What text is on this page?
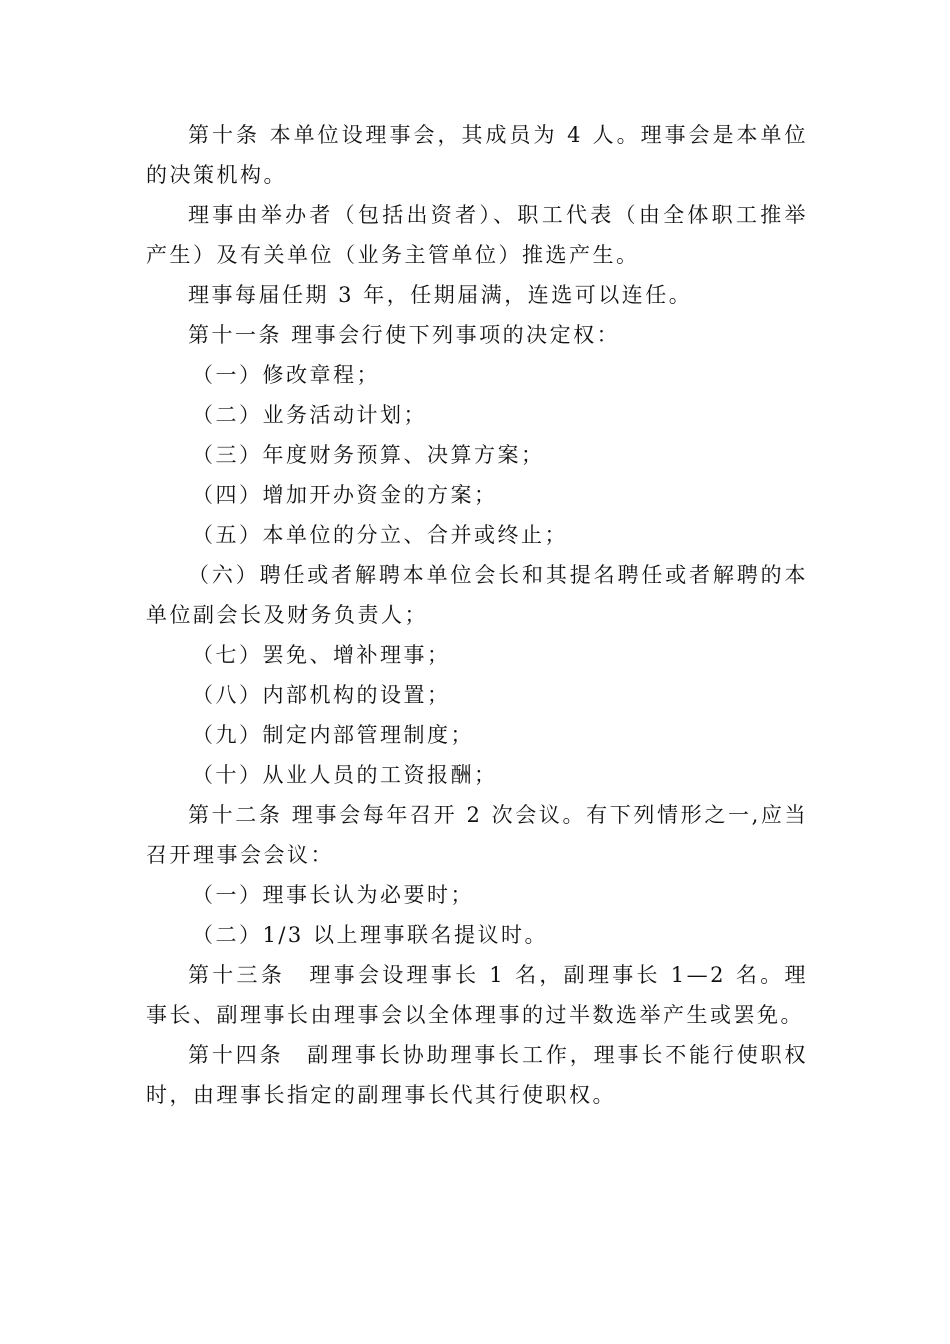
第十条 本单位设理事会，其成员为 4 人。理事会是本单位的决策机构。

理事由举办者（包括出资者）、职工代表（由全体职工推举产生）及有关单位（业务主管单位）推选产生。

理事每届任期 3 年，任期届满，连选可以连任。

第十一条 理事会行使下列事项的决定权：

（一）修改章程；

（二）业务活动计划；

（三）年度财务预算、决算方案；

（四）增加开办资金的方案；

（五）本单位的分立、合并或终止；

（六）聘任或者解聘本单位会长和其提名聘任或者解聘的本单位副会长及财务负责人；

（七）罢免、增补理事；

（八）内部机构的设置；

（九）制定内部管理制度；

（十）从业人员的工资报酬；

第十二条 理事会每年召开 2 次会议。有下列情形之一,应当召开理事会会议：

（一）理事长认为必要时；

（二）1/3 以上理事联名提议时。

第十三条　理事会设理事长 1 名，副理事长 1—2 名。理事长、副理事长由理事会以全体理事的过半数选举产生或罢免。

第十四条　副理事长协助理事长工作，理事长不能行使职权时，由理事长指定的副理事长代其行使职权。
